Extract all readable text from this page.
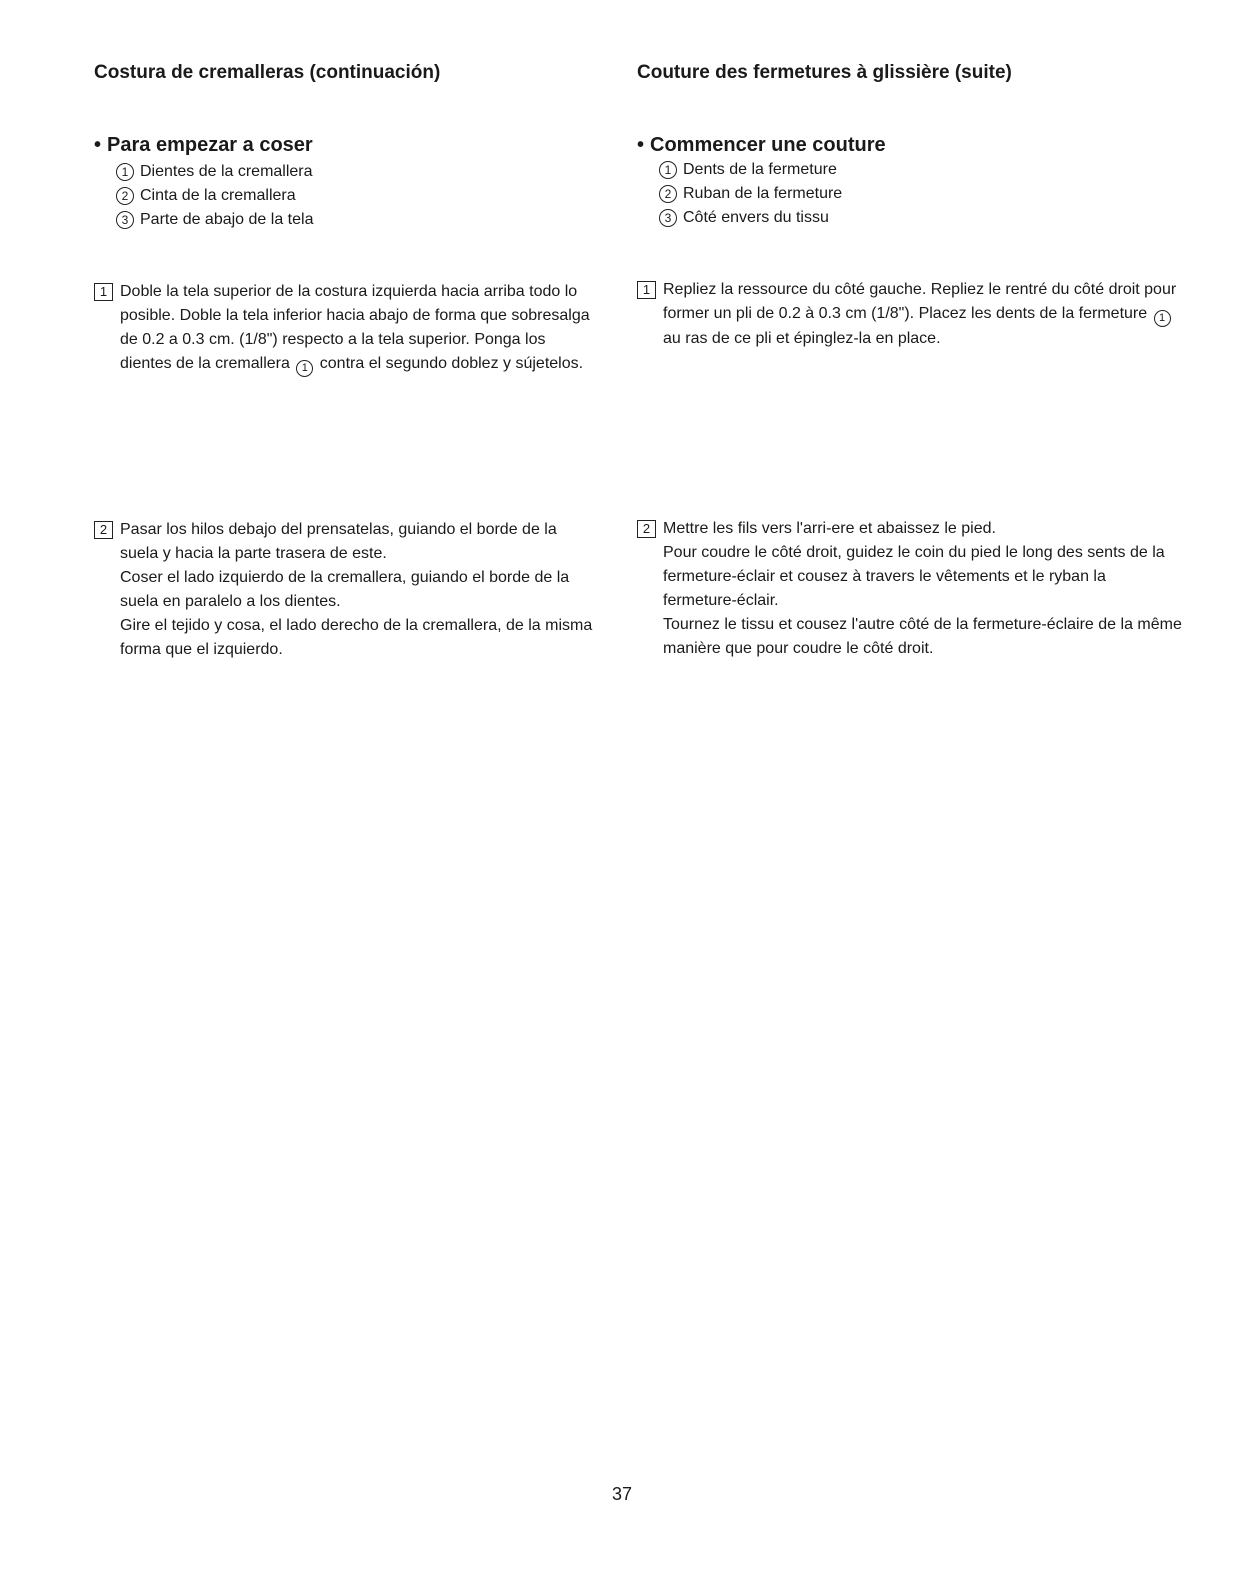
Costura de cremalleras (continuación)
• Para empezar a coser
1 Dientes de la cremallera
2 Cinta de la cremallera
3 Parte de abajo de la tela
1 Doble la tela superior de la costura izquierda hacia arriba todo lo posible. Doble la tela inferior hacia abajo de forma que sobresalga de 0.2 a 0.3 cm. (1/8") respecto a la tela superior. Ponga los dientes de la cremallera 1 contra el segundo doblez y sújetelos.
2 Pasar los hilos debajo del prensatelas, guiando el borde de la suela y hacia la parte trasera de este.

Coser el lado izquierdo de la cremallera, guiando el borde de la suela en paralelo a los dientes.

Gire el tejido y cosa, el lado derecho de la cremallera, de la misma forma que el izquierdo.

Couture des fermetures à glissière (suite)
• Commencer une couture
1 Dents de la fermeture
2 Ruban de la fermeture
3 Côté envers du tissu
1 Repliez la ressource du côté gauche. Repliez le rentré du côté droit pour former un pli de 0.2 à 0.3 cm (1/8"). Placez les dents de la fermeture 1 au ras de ce pli et épinglez-la en place.
2 Mettre les fils vers l'arri-ere et abaissez le pied.

Pour coudre le côté droit, guidez le coin du pied le long des sents de la fermeture-éclair et cousez à travers le vêtements et le ryban la fermeture-éclair.

Tournez le tissu et cousez l'autre côté de la fermeture-éclaire de la même manière que pour coudre le côté droit.

37
